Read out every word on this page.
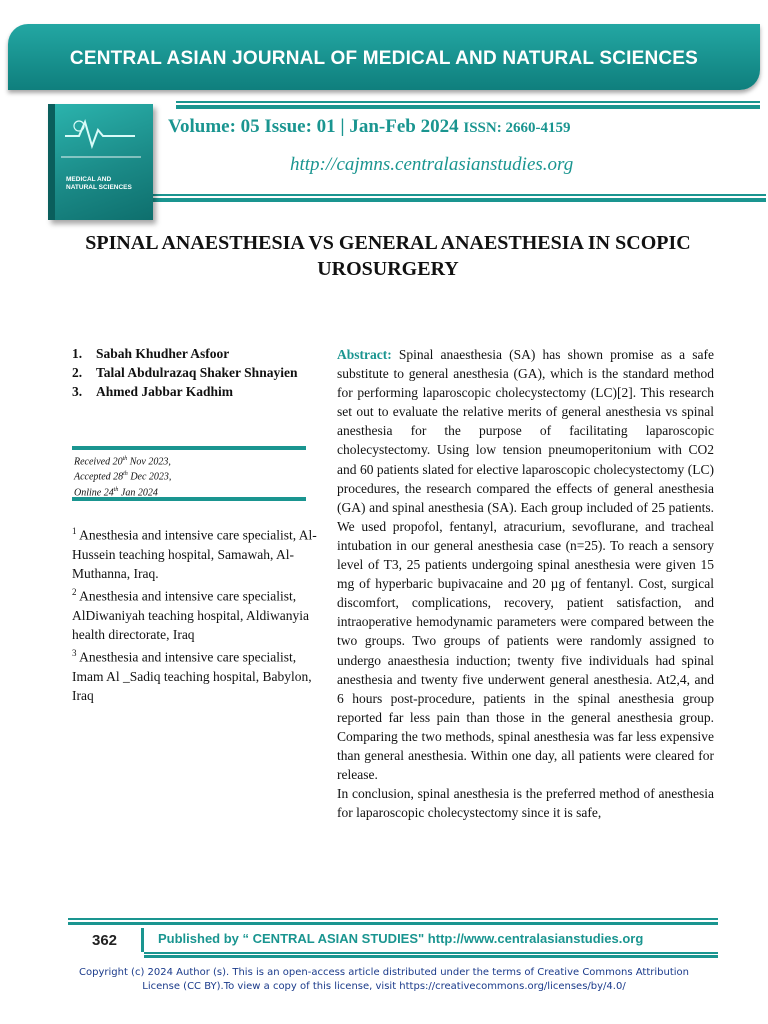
CENTRAL ASIAN JOURNAL OF MEDICAL AND NATURAL SCIENCES
MEDICAL AND NATURAL SCIENCES
Volume: 05 Issue: 01 | Jan-Feb 2024 ISSN: 2660-4159
http://cajmns.centralasianstudies.org
SPINAL ANAESTHESIA VS GENERAL ANAESTHESIA IN SCOPIC UROSURGERY
1.	Sabah Khudher Asfoor
2.	Talal Abdulrazaq Shaker Shnayien
3.	Ahmed Jabbar Kadhim
Received 20th Nov 2023,
Accepted 28th Dec 2023,
Online 24th Jan 2024

$^1$ Anesthesia and intensive care specialist, Al-Hussein teaching hospital, Samawah, Al-Muthanna, Iraq.

$^2$ Anesthesia and intensive care specialist, AlDiwaniyah teaching hospital, Aldiwanyia health directorate, Iraq

$^3$ Anesthesia and intensive care specialist, Imam Al _Sadiq teaching hospital, Babylon, Iraq

Abstract: Spinal anaesthesia (SA) has shown promise as a safe substitute to general anesthesia (GA), which is the standard method for performing laparoscopic cholecystectomy (LC)[2]. This research set out to evaluate the relative merits of general anesthesia vs spinal anesthesia for the purpose of facilitating laparoscopic cholecystectomy. Using low tension pneumoperitonium with CO2 and 60 patients slated for elective laparoscopic cholecystectomy (LC) procedures, the research compared the effects of general anesthesia (GA) and spinal anesthesia (SA). Each group included of 25 patients. We used propofol, fentanyl, atracurium, sevoflurane, and tracheal intubation in our general anesthesia case (n=25). To reach a sensory level of T3, 25 patients undergoing spinal anesthesia were given 15 mg of hyperbaric bupivacaine and 20 µg of fentanyl. Cost, surgical discomfort, complications, recovery, patient satisfaction, and intraoperative hemodynamic parameters were compared between the two groups. Two groups of patients were randomly assigned to undergo anaesthesia induction; twenty five individuals had spinal anesthesia and twenty five underwent general anesthesia. At2,4, and 6 hours post-procedure, patients in the spinal anesthesia group reported far less pain than those in the general anesthesia group. Comparing the two methods, spinal anesthesia was far less expensive than general anesthesia. Within one day, all patients were cleared for release.

In conclusion, spinal anesthesia is the preferred method of anesthesia for laparoscopic cholecystectomy since it is safe,

362	Published by “ CENTRAL ASIAN STUDIES" http://www.centralasianstudies.org
Copyright (c) 2024 Author (s). This is an open-access article distributed under the terms of Creative Commons Attribution License (CC BY).To view a copy of this license, visit https://creativecommons.org/licenses/by/4.0/
